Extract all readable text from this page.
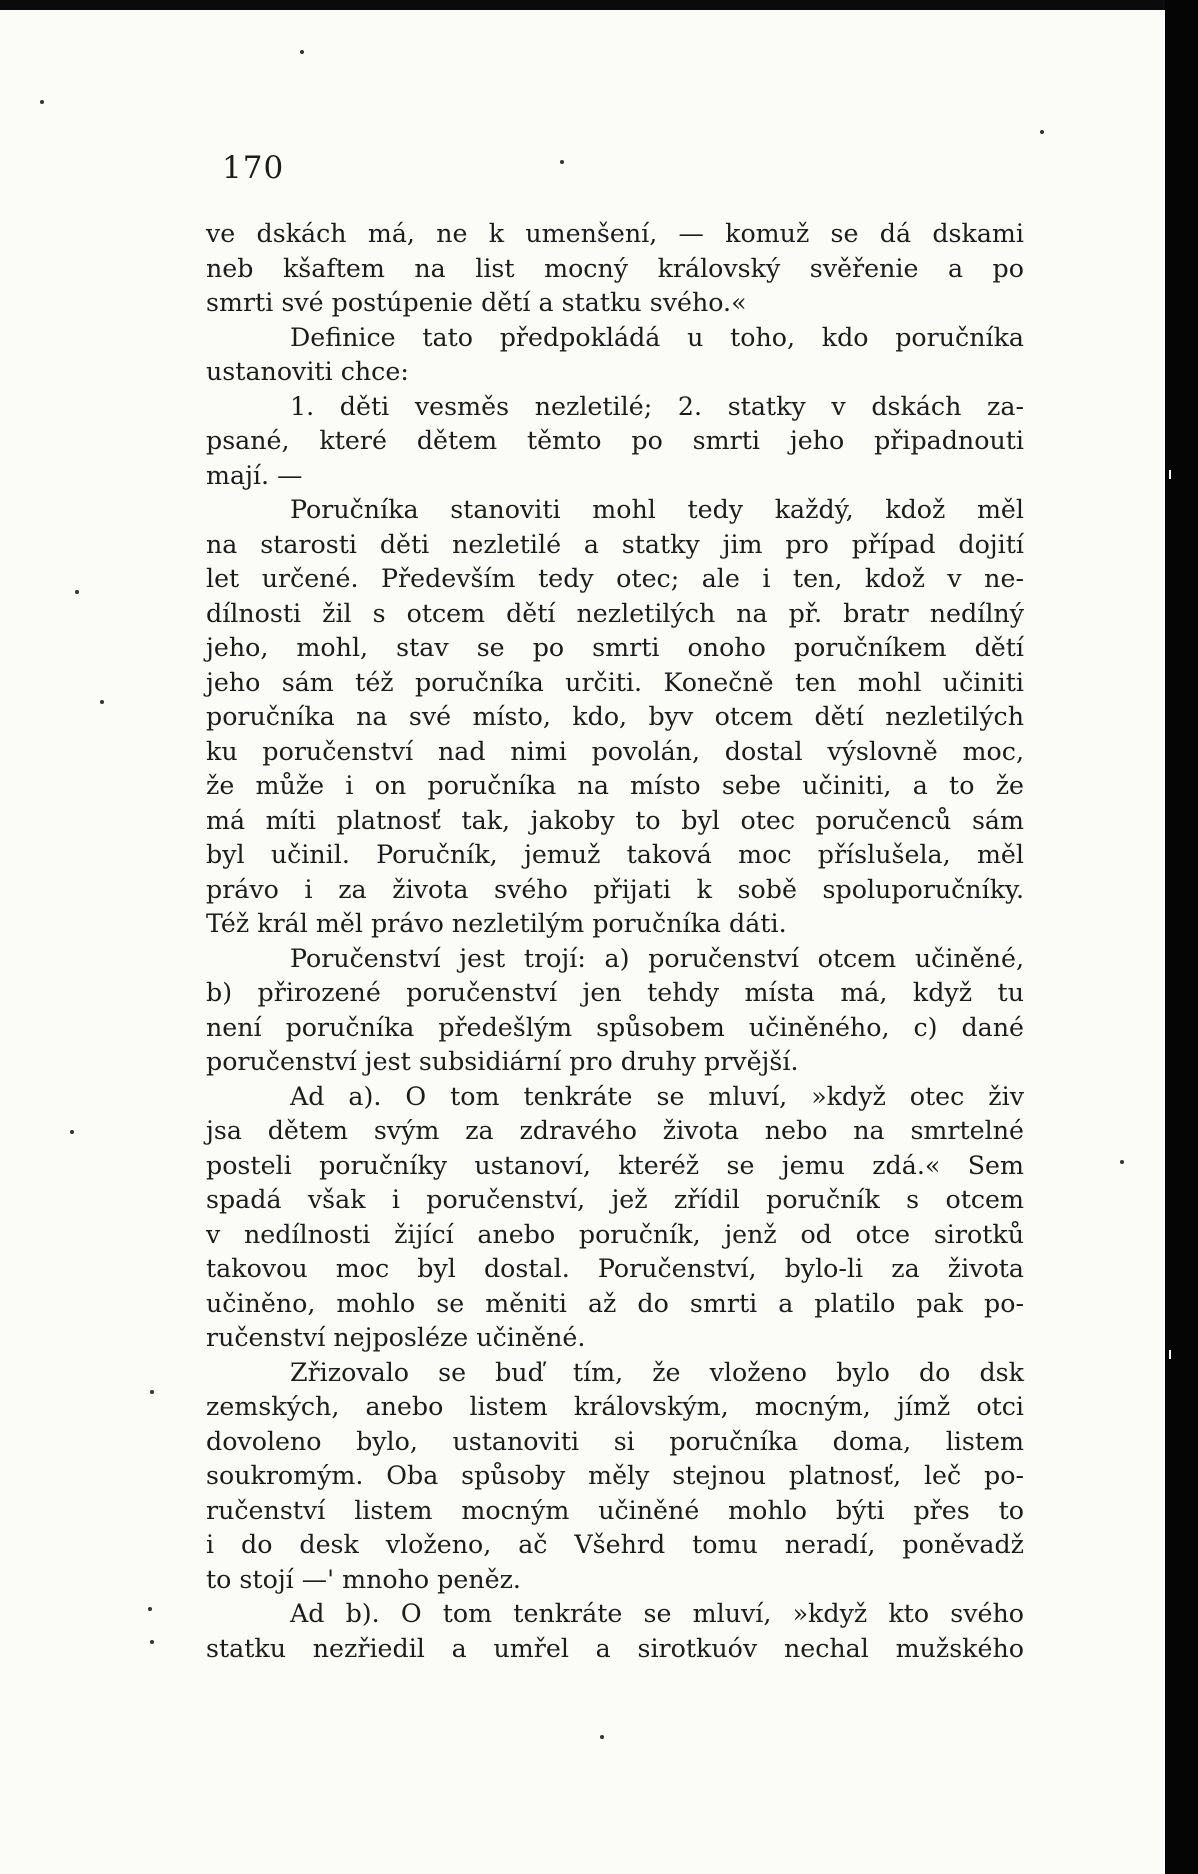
170
ve dskách má, ne k umenšení, — komuž se dá dskami
neb kšaftem na list mocný královský svěřenie a po
smrti své postúpenie dětí a statku svého.«
Definice tato předpokládá u toho, kdo poručníka
ustanoviti chce:
1. děti vesměs nezletilé; 2. statky v dskách za-
psané, které dětem těmto po smrti jeho připadnouti
mají. —
Poručníka stanoviti mohl tedy každý, kdož měl
na starosti děti nezletilé a statky jim pro případ dojití
let určené. Především tedy otec; ale i ten, kdož v ne-
dílnosti žil s otcem dětí nezletilých na př. bratr nedílný
jeho, mohl, stav se po smrti onoho poručníkem dětí
jeho sám též poručníka určiti. Konečně ten mohl učiniti
poručníka na své místo, kdo, byv otcem dětí nezletilých
ku poručenství nad nimi povolán, dostal výslovně moc,
že může i on poručníka na místo sebe učiniti, a to že
má míti platnosť tak, jakoby to byl otec poručenců sám
byl učinil. Poručník, jemuž taková moc příslušela, měl
právo i za života svého přijati k sobě spoluporučníky.
Též král měl právo nezletilým poručníka dáti.
Poručenství jest trojí: a) poručenství otcem učiněné,
b) přirozené poručenství jen tehdy místa má, když tu
není poručníka předešlým spůsobem učiněného, c) dané
poručenství jest subsidiární pro druhy prvější.
Ad a). O tom tenkráte se mluví, »když otec živ
jsa dětem svým za zdravého života nebo na smrtelné
posteli poručníky ustanoví, kteréž se jemu zdá.« Sem
spadá však i poručenství, jež zřídil poručník s otcem
v nedílnosti žijící anebo poručník, jenž od otce sirotků
takovou moc byl dostal. Poručenství, bylo-li za života
učiněno, mohlo se měniti až do smrti a platilo pak po-
ručenství nejposléze učiněné.
Zřizovalo se buď tím, že vloženo bylo do dsk
zemských, anebo listem královským, mocným, jímž otci
dovoleno bylo, ustanoviti si poručníka doma, listem
soukromým. Oba spůsoby měly stejnou platnosť, leč po-
ručenství listem mocným učiněné mohlo býti přes to
i do desk vloženo, ač Všehrd tomu neradí, poněvadž
to stojí —' mnoho peněz.
Ad b). O tom tenkráte se mluví, »když kto svého
statku nezřiedil a umřel a sirotkuóv nechal mužského
